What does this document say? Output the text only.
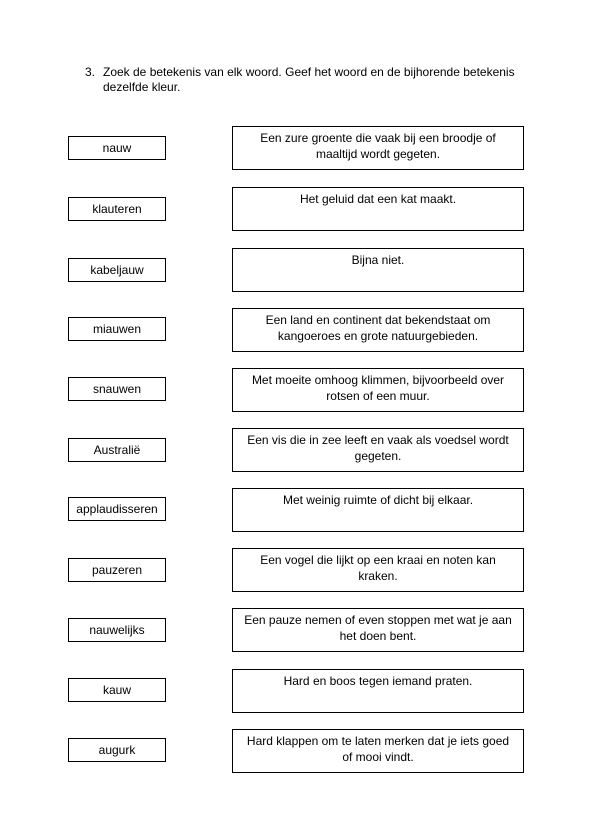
3. Zoek de betekenis van elk woord. Geef het woord en de bijhorende betekenis dezelfde kleur.
nauw
Een zure groente die vaak bij een broodje of maaltijd wordt gegeten.
klauteren
Het geluid dat een kat maakt.
kabeljauw
Bijna niet.
miauwen
Een land en continent dat bekendstaat om kangoeroes en grote natuurgebieden.
snauwen
Met moeite omhoog klimmen, bijvoorbeeld over rotsen of een muur.
Australië
Een vis die in zee leeft en vaak als voedsel wordt gegeten.
applaudisseren
Met weinig ruimte of dicht bij elkaar.
pauzeren
Een vogel die lijkt op een kraai en noten kan kraken.
nauwelijks
Een pauze nemen of even stoppen met wat je aan het doen bent.
kauw
Hard en boos tegen iemand praten.
augurk
Hard klappen om te laten merken dat je iets goed of mooi vindt.
